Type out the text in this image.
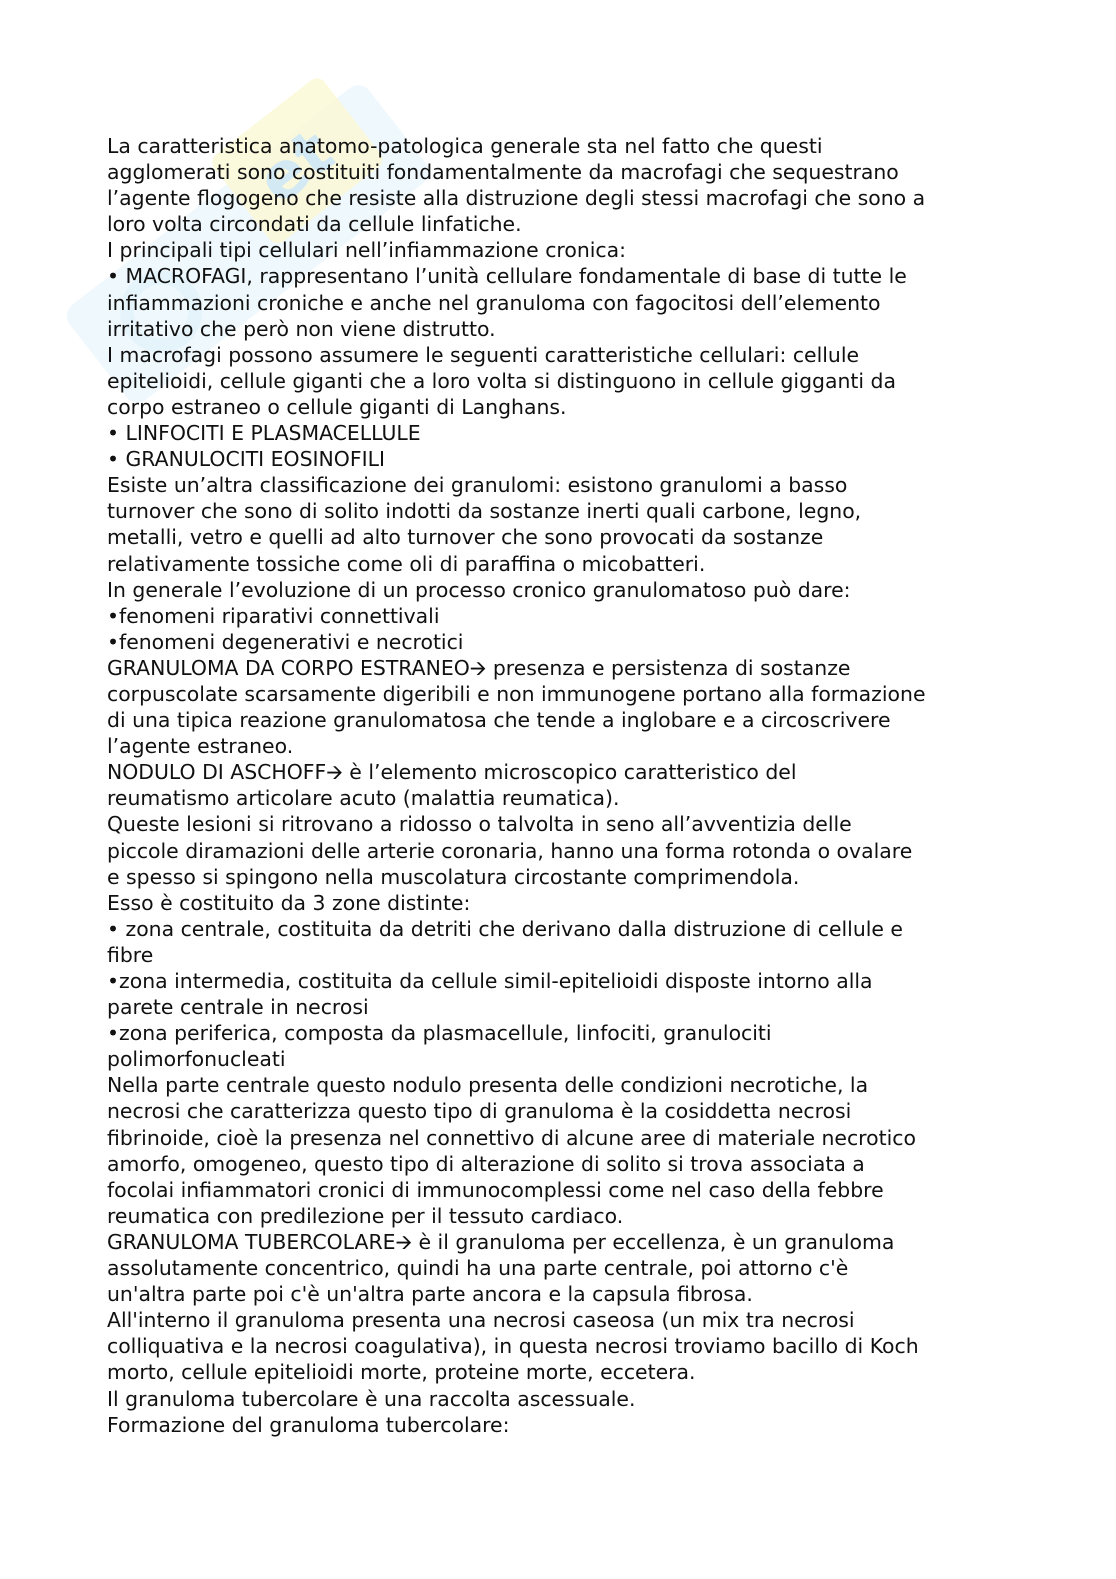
et
La caratteristica anatomo-patologica generale sta nel fatto che questi
agglomerati sono costituiti fondamentalmente da macrofagi che sequestrano
l’agente flogogeno che resiste alla distruzione degli stessi macrofagi che sono a
loro volta circondati da cellule linfatiche.
I principali tipi cellulari nell’infiammazione cronica:
• MACROFAGI, rappresentano l’unità cellulare fondamentale di base di tutte le
infiammazioni croniche e anche nel granuloma con fagocitosi dell’elemento
irritativo che però non viene distrutto.
I macrofagi possono assumere le seguenti caratteristiche cellulari: cellule
epitelioidi, cellule giganti che a loro volta si distinguono in cellule gigganti da
corpo estraneo o cellule giganti di Langhans.
• LINFOCITI E PLASMACELLULE
• GRANULOCITI EOSINOFILI
Esiste un’altra classificazione dei granulomi: esistono granulomi a basso
turnover che sono di solito indotti da sostanze inerti quali carbone, legno,
metalli, vetro e quelli ad alto turnover che sono provocati da sostanze
relativamente tossiche come oli di paraffina o micobatteri.
In generale l’evoluzione di un processo cronico granulomatoso può dare:
•fenomeni riparativi connettivali
•fenomeni degenerativi e necrotici
GRANULOMA DA CORPO ESTRANEO🡪 presenza e persistenza di sostanze
corpuscolate scarsamente digeribili e non immunogene portano alla formazione
di una tipica reazione granulomatosa che tende a inglobare e a circoscrivere
l’agente estraneo.
NODULO DI ASCHOFF🡪 è l’elemento microscopico caratteristico del
reumatismo articolare acuto (malattia reumatica).
Queste lesioni si ritrovano a ridosso o talvolta in seno all’avventizia delle
piccole diramazioni delle arterie coronaria, hanno una forma rotonda o ovalare
e spesso si spingono nella muscolatura circostante comprimendola.
Esso è costituito da 3 zone distinte:
• zona centrale, costituita da detriti che derivano dalla distruzione di cellule e
fibre
•zona intermedia, costituita da cellule simil-epitelioidi disposte intorno alla
parete centrale in necrosi
•zona periferica, composta da plasmacellule, linfociti, granulociti
polimorfonucleati
Nella parte centrale questo nodulo presenta delle condizioni necrotiche, la
necrosi che caratterizza questo tipo di granuloma è la cosiddetta necrosi
fibrinoide, cioè la presenza nel connettivo di alcune aree di materiale necrotico
amorfo, omogeneo, questo tipo di alterazione di solito si trova associata a
focolai infiammatori cronici di immunocomplessi come nel caso della febbre
reumatica con predilezione per il tessuto cardiaco.
GRANULOMA TUBERCOLARE🡪 è il granuloma per eccellenza, è un granuloma
assolutamente concentrico, quindi ha una parte centrale, poi attorno c'è
un'altra parte poi c'è un'altra parte ancora e la capsula fibrosa.
All'interno il granuloma presenta una necrosi caseosa (un mix tra necrosi
colliquativa e la necrosi coagulativa), in questa necrosi troviamo bacillo di Koch
morto, cellule epitelioidi morte, proteine morte, eccetera.
Il granuloma tubercolare è una raccolta ascessuale.
Formazione del granuloma tubercolare:
